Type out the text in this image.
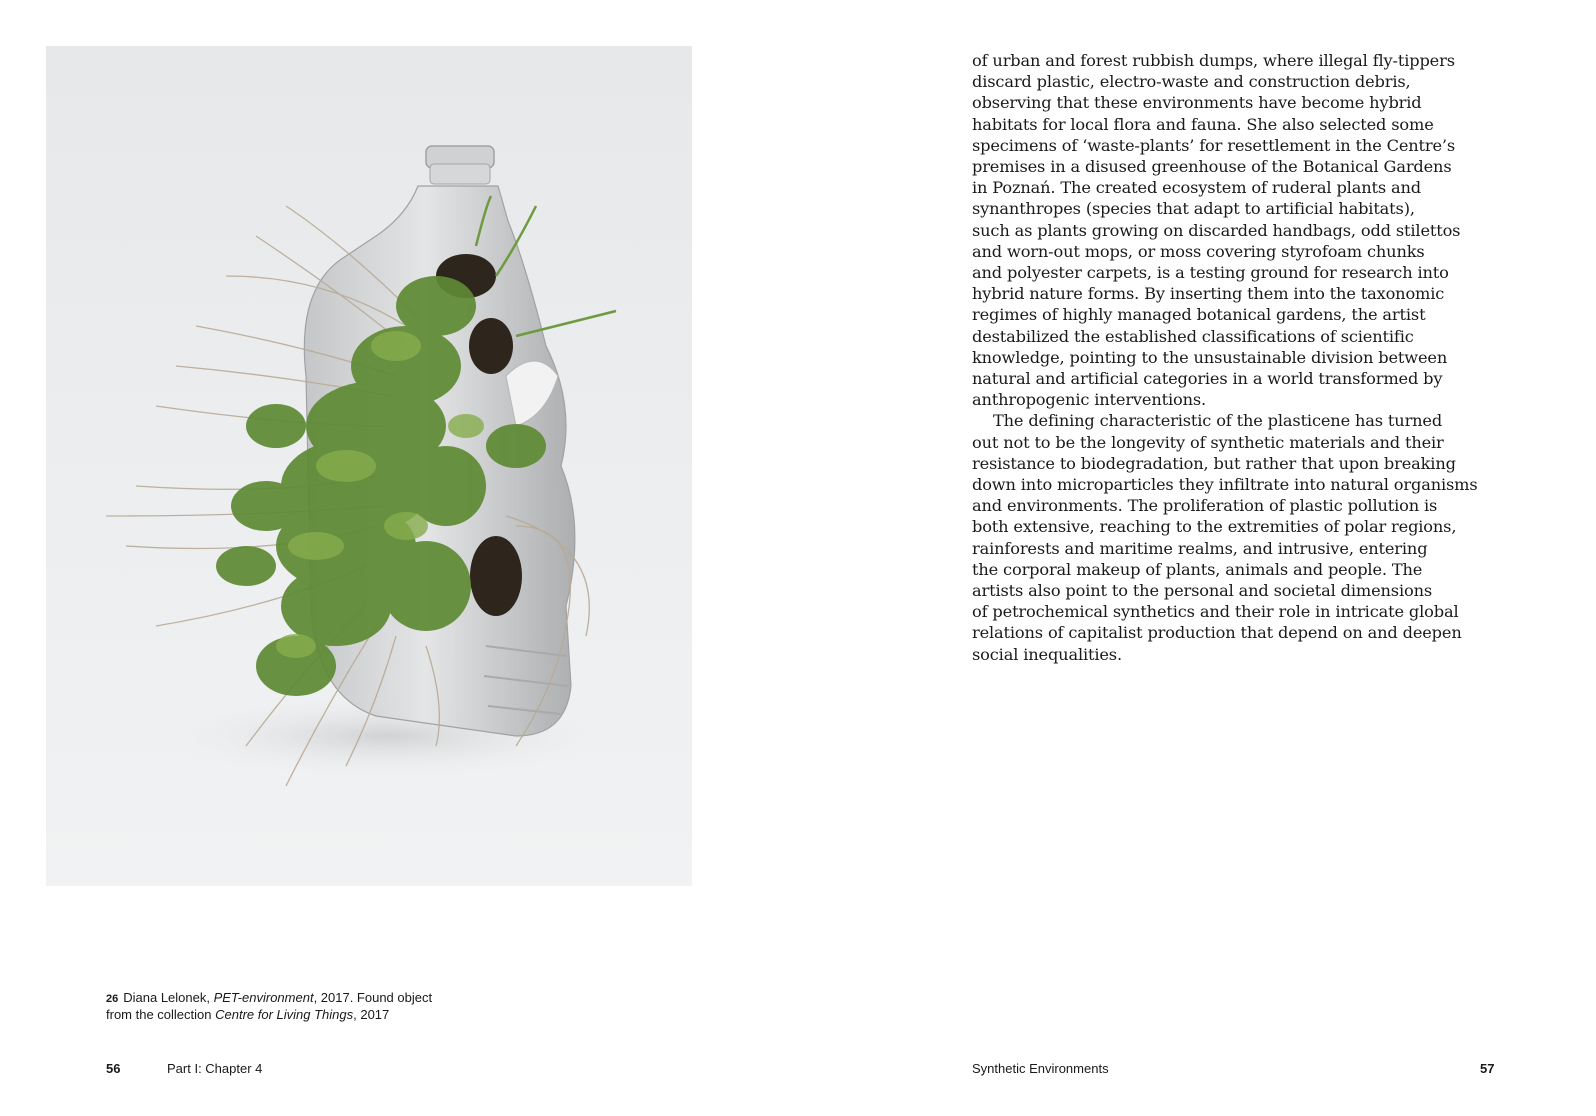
26 Diana Lelonek, PET-environment, 2017. Found object
from the collection Centre for Living Things, 2017
56	Part I: Chapter 4
of urban and forest rubbish dumps, where illegal fly-tippers
discard plastic, electro-waste and construction debris,
observing that these environments have become hybrid
habitats for local flora and fauna. She also selected some
specimens of ‘waste-plants’ for resettlement in the Centre’s
premises in a disused greenhouse of the Botanical Gardens
in Poznań. The created ecosystem of ruderal plants and
synanthropes (species that adapt to artificial habitats),
such as plants growing on discarded handbags, odd stilettos
and worn-out mops, or moss covering styrofoam chunks
and polyester carpets, is a testing ground for research into
hybrid nature forms. By inserting them into the taxonomic
regimes of highly managed botanical gardens, the artist
destabilized the established classifications of scientific
knowledge, pointing to the unsustainable division between
natural and artificial categories in a world transformed by
anthropogenic interventions.
The defining characteristic of the plasticene has turned
out not to be the longevity of synthetic materials and their
resistance to biodegradation, but rather that upon breaking
down into microparticles they infiltrate into natural organisms
and environments. The proliferation of plastic pollution is
both extensive, reaching to the extremities of polar regions,
rainforests and maritime realms, and intrusive, entering
the corporal makeup of plants, animals and people. The
artists also point to the personal and societal dimensions
of petrochemical synthetics and their role in intricate global
relations of capitalist production that depend on and deepen
social inequalities.
Synthetic Environments	57
